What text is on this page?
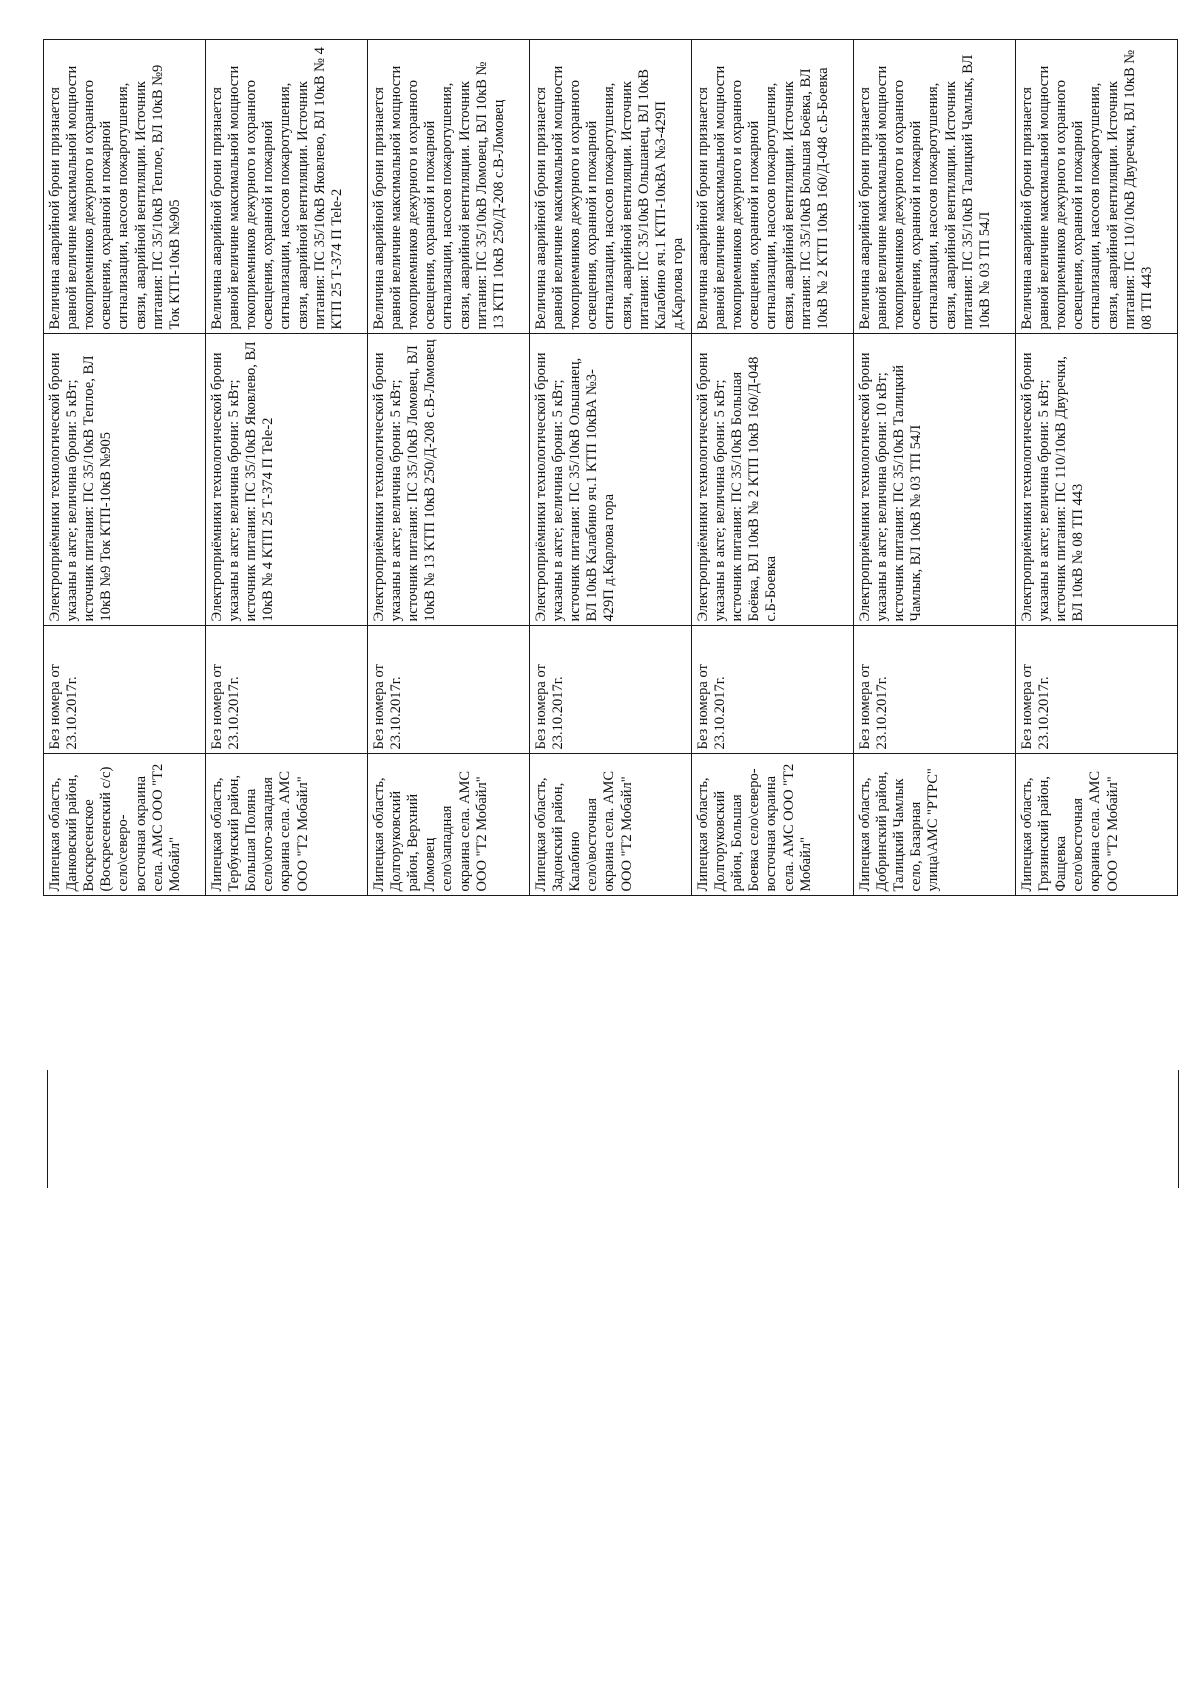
	Липецкая область, Данковский район, Воскресенское (Воскресенский с/с) село\северо-восточная окраина села. АМС ООО "Т2 Мобайл"	Без номера от 23.10.2017г.	Электроприёмники технологической брони указаны в акте; величина брони: 5 кВт; источник питания: ПС 35/10кВ Теплое, ВЛ 10кВ №9 Ток КТП-10кВ №905	Величина аварийной брони признается равной величине максимальной мощности токоприемников дежурного и охранного освещения, охранной и пожарной сигнализации, насосов пожаротушения, связи, аварийной вентиляции. Источник питания: ПС 35/10кВ Теплое, ВЛ 10кВ №9 Ток КТП-10кВ №905
	Липецкая область, Тербунский район, Большая Поляна село\юго-западная окраина села. АМС ООО "Т2 Мобайл"	Без номера от 23.10.2017г.	Электроприёмники технологической брони указаны в акте; величина брони: 5 кВт; источник питания: ПС 35/10кВ Яковлево, ВЛ 10кВ № 4 КТП 25 Т-374 П Tele-2	Величина аварийной брони признается равной величине максимальной мощности токоприемников дежурного и охранного освещения, охранной и пожарной сигнализации, насосов пожаротушения, связи, аварийной вентиляции. Источник питания: ПС 35/10кВ Яковлево, ВЛ 10кВ № 4 КТП 25 Т-374 П Tele-2
	Липецкая область, Долгоруковский район, Верхний Ломовец село\западная окраина села. АМС ООО "Т2 Мобайл"	Без номера от 23.10.2017г.	Электроприёмники технологической брони указаны в акте; величина брони: 5 кВт; источник питания: ПС 35/10кВ Ломовец, ВЛ 10кВ № 13 КТП 10кВ 250/Д-208 с.В-Ломовец	Величина аварийной брони признается равной величине максимальной мощности токоприемников дежурного и охранного освещения, охранной и пожарной сигнализации, насосов пожаротушения, связи, аварийной вентиляции. Источник питания: ПС 35/10кВ Ломовец, ВЛ 10кВ № 13 КТП 10кВ 250/Д-208 с.В-Ломовец
	Липецкая область, Задонский район, Калабино село\восточная окраина села. АМС ООО "Т2 Мобайл"	Без номера от 23.10.2017г.	Электроприёмники технологической брони указаны в акте; величина брони: 5 кВт; источник питания: ПС 35/10кВ Ольшанец, ВЛ 10кВ Калабино яч.1 КТП 10кВА №3-429П д.Карлова гора	Величина аварийной брони признается равной величине максимальной мощности токоприемников дежурного и охранного освещения, охранной и пожарной сигнализации, насосов пожаротушения, связи, аварийной вентиляции. Источник питания: ПС 35/10кВ Ольшанец, ВЛ 10кВ Калабино яч.1 КТП-10кВА №3-429П д.Карлова гора
	Липецкая область, Долгоруковский район, Большая Боевка село\северо-восточная окраина села. АМС ООО "Т2 Мобайл"	Без номера от 23.10.2017г.	Электроприёмники технологической брони указаны в акте; величина брони: 5 кВт; источник питания: ПС 35/10кВ Большая Боёвка, ВЛ 10кВ № 2 КТП 10кВ 160/Д-048 с.Б-Боевка	Величина аварийной брони признается равной величине максимальной мощности токоприемников дежурного и охранного освещения, охранной и пожарной сигнализации, насосов пожаротушения, связи, аварийной вентиляции. Источник питания: ПС 35/10кВ Большая Боёвка, ВЛ 10кВ № 2 КТП 10кВ 160/Д-048 с.Б-Боевка
	Липецкая область, Добринский район, Талицкий Чамлык село, Базарная улица\АМС "РТРС"	Без номера от 23.10.2017г.	Электроприёмники технологической брони указаны в акте; величина брони: 10 кВт; источник питания: ПС 35/10кВ Талицкий Чамлык, ВЛ 10кВ № 03 ТП 54Л	Величина аварийной брони признается равной величине максимальной мощности токоприемников дежурного и охранного освещения, охранной и пожарной сигнализации, насосов пожаротушения, связи, аварийной вентиляции. Источник питания: ПС 35/10кВ Талицкий Чамлык, ВЛ 10кВ № 03 ТП 54Л
	Липецкая область, Грязинский район, Фащевка село\восточная окраина села. АМС ООО "Т2 Мобайл"	Без номера от 23.10.2017г.	Электроприёмники технологической брони указаны в акте; величина брони: 5 кВт; источник питания: ПС 110/10кВ Двуречки, ВЛ 10кВ № 08 ТП 443	Величина аварийной брони признается равной величине максимальной мощности токоприемников дежурного и охранного освещения, охранной и пожарной сигнализации, насосов пожаротушения, связи, аварийной вентиляции. Источник питания: ПС 110/10кВ Двуречки, ВЛ 10кВ № 08 ТП 443
